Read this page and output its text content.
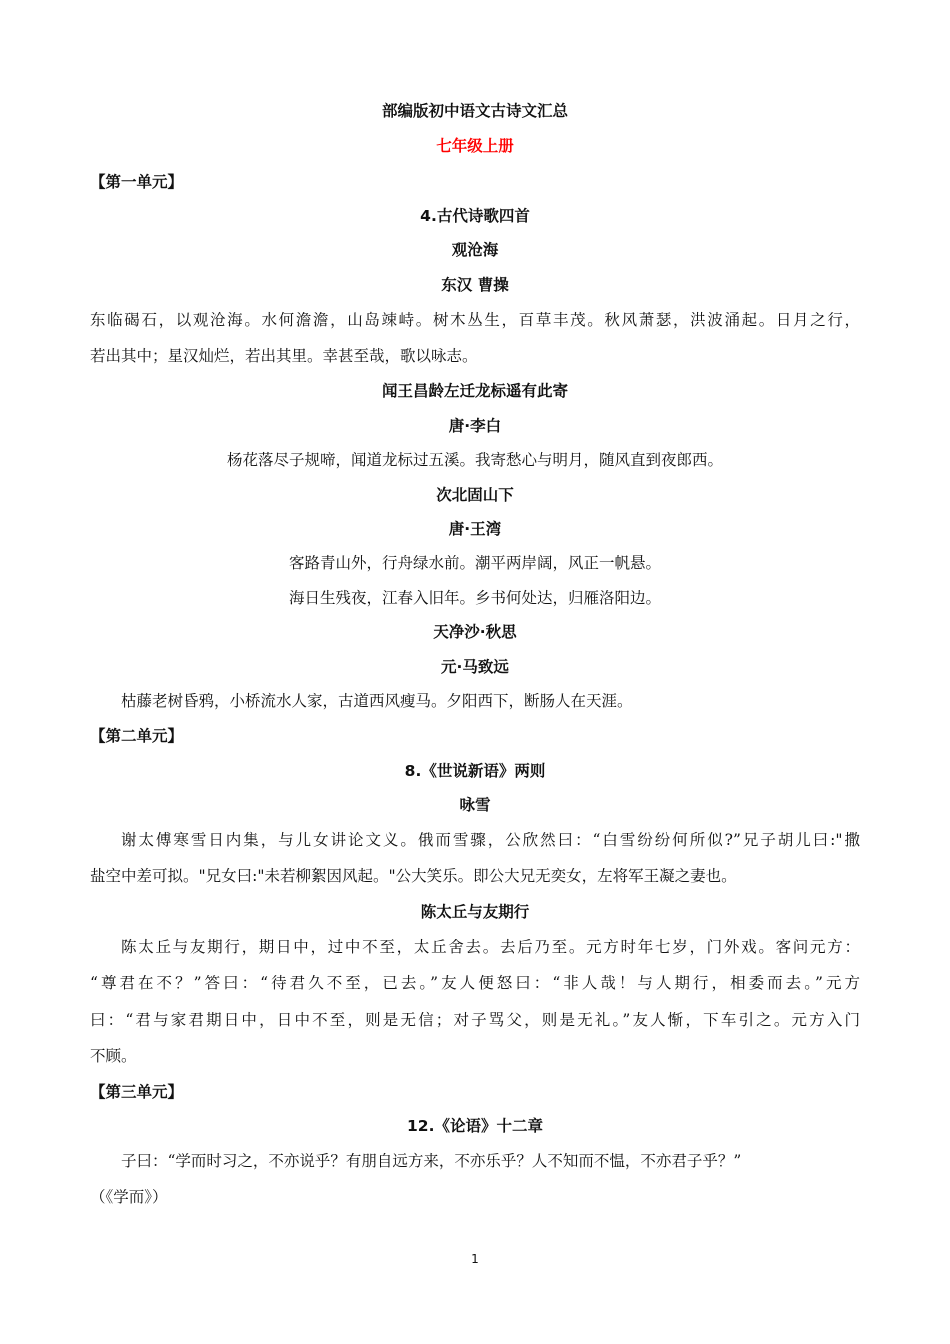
部编版初中语文古诗文汇总
七年级上册
【第一单元】
4.古代诗歌四首
观沧海
东汉 曹操
东临碣石，以观沧海。水何澹澹，山岛竦峙。树木丛生，百草丰茂。秋风萧瑟，洪波涌起。日月之行，
若出其中；星汉灿烂，若出其里。幸甚至哉，歌以咏志。
闻王昌龄左迁龙标遥有此寄
唐·李白
杨花落尽子规啼，闻道龙标过五溪。我寄愁心与明月，随风直到夜郎西。
次北固山下
唐·王湾
客路青山外，行舟绿水前。潮平两岸阔，风正一帆悬。
海日生残夜，江春入旧年。乡书何处达，归雁洛阳边。
天净沙·秋思
元·马致远
枯藤老树昏鸦，小桥流水人家，古道西风瘦马。夕阳西下，断肠人在天涯。
【第二单元】
8.《世说新语》两则
咏雪
谢太傅寒雪日内集，与儿女讲论文义。俄而雪骤，公欣然曰：“白雪纷纷何所似?”兄子胡儿曰:"撒
盐空中差可拟。"兄女曰:"未若柳絮因风起。"公大笑乐。即公大兄无奕女，左将军王凝之妻也。
陈太丘与友期行
陈太丘与友期行，期日中，过中不至，太丘舍去。去后乃至。元方时年七岁，门外戏。客问元方：
“尊君在不？”答曰：“待君久不至，已去。”友人便怒曰：“非人哉！与人期行，相委而去。”元方
曰：“君与家君期日中，日中不至，则是无信；对子骂父，则是无礼。”友人惭，下车引之。元方入门
不顾。
【第三单元】
12.《论语》十二章
子曰：“学而时习之，不亦说乎？有朋自远方来，不亦乐乎？人不知而不愠，不亦君子乎？”
（《学而》）
1
